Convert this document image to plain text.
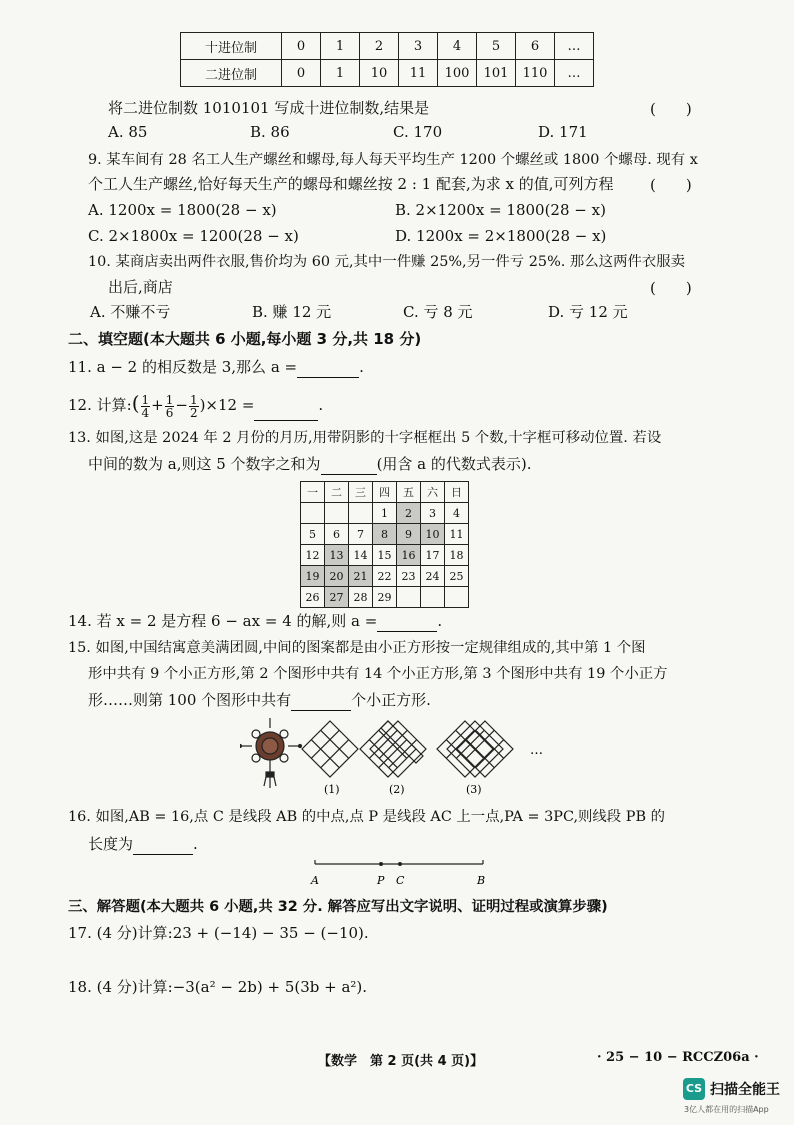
十进位制	0	1	2	3	4	5	6	…
二进位制	0	1	10	11	100	101	110	…
将二进位制数 1010101 写成十进位制数,结果是	(　　)
A. 85	B. 86	C. 170	D. 171
9. 某车间有 28 名工人生产螺丝和螺母,每人每天平均生产 1200 个螺丝或 1800 个螺母. 现有 x
个工人生产螺丝,恰好每天生产的螺母和螺丝按 2 : 1 配套,为求 x 的值,可列方程 (　　)
A. 1200x = 1800(28 − x)	B. 2×1200x = 1800(28 − x)
C. 2×1800x = 1200(28 − x)	D. 1200x = 2×1800(28 − x)
10. 某商店卖出两件衣服,售价均为 60 元,其中一件赚 25%,另一件亏 25%. 那么这两件衣服卖
出后,商店	(　　)
A. 不赚不亏	B. 赚 12 元	C. 亏 8 元	D. 亏 12 元
二、填空题(本大题共 6 小题,每小题 3 分,共 18 分)
11. a − 2 的相反数是 3,那么 a =	.
12. 计算:( $\frac{1}{4} + \frac{1}{6} - \frac{1}{2} )\times 12$ =	.
13. 如图,这是 2024 年 2 月份的月历,用带阴影的十字框框出 5 个数,十字框可移动位置. 若设
中间的数为 a,则这 5 个数字之和为	(用含 a 的代数式表示).
一	二	三	四	五	六	日
			1	2	3	4
5	6	7	8	9	10	11
12	13	14	15	16	17	18
19	20	21	22	23	24	25
26	27	28	29			
14. 若 x = 2 是方程 6 − ax = 4 的解,则 a =	.
15. 如图,中国结寓意美满团圆,中间的图案都是由小正方形按一定规律组成的,其中第 1 个图
形中共有 9 个小正方形,第 2 个图形中共有 14 个小正方形,第 3 个图形中共有 19 个小正方
形……则第 100 个图形中共有	个小正方形.
(1)	(2)	(3)
…
16. 如图,AB = 16,点 C 是线段 AB 的中点,点 P 是线段 AC 上一点,PA = 3PC,则线段 PB 的
长度为	.
A	P C	B
三、解答题(本大题共 6 小题,共 32 分. 解答应写出文字说明、证明过程或演算步骤)
17. (4 分)计算:23 + (−14) − 35 − (−10).
18. (4 分)计算:−3(a² − 2b) + 5(3b + a²).
【数学　第 2 页(共 4 页)】	· 25 − 10 − RCCZ06a ·
CS 扫描全能王
3亿人都在用的扫描App
